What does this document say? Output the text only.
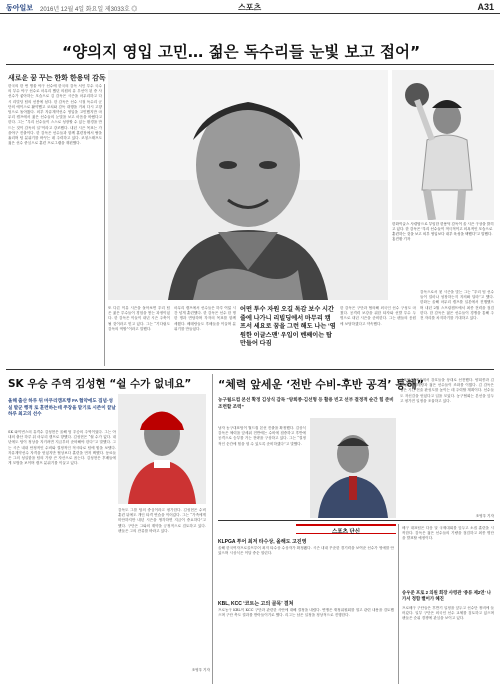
동아일보 2016년 12월 4일 화요일 제3033호 ◎	스포츠	A31
“양의지 영입 고민… 젊은 독수리들 눈빛 보고 접어”
새로운 꿈 꾸는 한화 한용덕 감독
한국의 한 번 명물 야구 선수에 한국의 감독 서인 투수 국수의 부수 야구 선수로 마무리 했던 의원의 유 우선이 된 중 사 선수가 좋아하는 모습으로 김 감독은 시즌을 마무리하고 다시 리빌딩 팀의 선봉에 섰다. 한 감독은 선수 시절 독수리 군단의 에이스로 활약했고 코치와 감독 대행을 거쳐 다시 고향 팀으로 돌아왔다. 외부 자유계약선수 영입을 고민했지만 마무리 캠프에서 젊은 선수들의 눈빛을 보고 마음을 바꿨다고 한다. 그는 “우리 선수들이 스스로 성장할 수 있는 환경을 만드는 것이 감독의 일”이라고 강조했다. 내년 시즌 목표는 가을야구 진출이다. 한 감독은 선수들과 함께 훈련장에서 땀을 흘리며 팀 분위기를 바꾸는 데 주력하고 있다. 코칭스태프도 젊은 선수 중심으로 훈련 프로그램을 재편했다.
한화이글스 사령탑으로 부임한 한용덕 감독이 올 시즌 구상을 밝히고 있다. 한 감독은 “우리 선수들이 적극적이고 의욕적인 모습으로 훈련하는 것을 보고 외부 영입보다 내부 육성을 택했다”고 말했다. 홍진환 기자
또 다른 이유 시즌을 돌아보면 우리 팀은 젊은 투수들이 경험을 쌓는 과정이었다. 한 감독은 이들이 내년 시즌 주축이 될 것이라고 믿고 있다. 그는 “기다림도 감독의 역할”이라고 말했다.
마무리 캠프에서 선수들은 하루 여덟 시간 넘게 훈련했다. 한 감독은 선수 한 명 한 명과 면담하며 각자의 목표를 함께 세웠다. 베테랑들도 후배들을 이끌며 분위기를 만들었다.
어떤 투수 자원 오길 독감 보수 시간 줄에 나가니 리빌딩에서 마무리 캠프서 세요로 꿈을 그런 해도 나는 ‘염원한 이글스맨’ 우입이 벤째이는 탑 만들어 다짐
한 감독은 구단과 협의해 외국인 선수 구성도 마쳤다. 공격력 보강을 위한 타자와 선발 투수 두 명으로 내년 시즌을 준비한다. 그는 팬들의 응원에 보답하겠다고 약속했다.
감독으로서 첫 시즌을 맞는 그는 “우리 팀 선수들이 얼마나 성장하는지 지켜봐 달라”고 했다. 한화는 올해 마무리 캠프를 일본에서 진행했으며 내년 2월 스프링캠프에서 최종 전력을 점검한다. 한 감독은 젊은 선수들이 경쟁을 통해 주전 자리를 차지하기를 기대하고 있다.
SK 우승 주역 김성현 “쉴 수가 없네요”
올해 출산 하루 뒤 마무리캠프행 FA 협약에도 집념·성실 발군 행적 로 훈련하는데 주장을 맡기로 시즌이 끝날 하루 최고의 선수
SK 와이번스의 유격수 김성현은 올해 팀 우승의 주역이었다. 그는 아내의 출산 하루 뒤 마무리 캠프로 향했다. 김성현은 “쉴 수가 없다. 내년에도 팀이 정상을 지키려면 지금부터 준비해야 한다”고 말했다. 그는 시즌 내내 안정적인 수비와 결정적인 적시타로 팀에 힘을 보탰다. 자유계약선수 자격을 얻었지만 협상보다 훈련을 먼저 택했다. 동료들은 그의 성실함을 팀의 가장 큰 자산으로 꼽는다. 김성현은 후배들에게 모범을 보이며 캠프 분위기를 이끌고 있다.
감독도 그를 팀의 중심이라고 평가한다. 김성현은 수비 훈련 뒤에도 개인 타격 연습을 이어갔다. 그는 “가족에게 미안하지만 내년 시즌을 생각하면 지금이 중요하다”고 했다. 구단은 그와의 계약을 긍정적으로 검토하고 있다. 팬들은 그의 잔류를 바라고 있다.
조영우 기자
“체력 앞세운 ‘전반 수비-후반 공격’ 통해”
농구월드컵 본선 확정 김상식 감독 “양희종-김선형 등 활용 빈고 선부 결정적 순간 힘 준비 조련할 조력”
남자 농구대표팀이 월드컵 본선 진출을 확정했다. 김상식 감독은 체력을 앞세워 전반에는 수비에 집중하고 후반에 공격으로 승부를 거는 전략을 구상하고 있다. 그는 “결정적인 순간에 힘을 낼 수 있도록 준비하겠다”고 말했다.
대표팀은 예선에서 강호들을 상대로 선전했다. 양희종과 김선형 등 베테랑과 젊은 선수들이 조화를 이뤘다. 김 감독은 남은 기간 전술 완성도를 높이는 데 주력할 계획이다. 선수들도 자신감을 얻었다고 입을 모았다. 농구협회는 본선을 앞두고 평가전 일정을 조율하고 있다.
조영우 기자
스포츠 단신
KLPGA 투어 최저 타수상, 올해도 고진영
올해 한국여자프로골프투어 최저 타수상 수상자가 확정됐다. 시즌 내내 꾸준한 경기력을 보여준 선수가 영예를 안았으며 시상식은 이달 중순 열린다.
KBL, KCC ‘코트는 고의 골목’ 결쳐
프로농구 KBL이 KCC 구단과 관련한 사안에 대해 결정을 내렸다. 연맹은 재정위원회를 열고 관련 내용을 검토했으며 구단 측도 결과를 받아들이기로 했다. 리그는 남은 일정을 정상적으로 진행한다.
송우준 프로 2 의원 회장 사령관 ‘종류 제2연’ 나가서 정함 뻘어가 혜진
배구 대표팀은 다음 달 국제대회를 앞두고 소집 훈련을 시작한다. 감독은 젊은 선수들의 기량을 점검하고 최종 명단을 발표할 예정이다.
프로배구 구단들은 후반기 일정을 앞두고 선수단 정비에 들어갔다. 일부 구단은 외국인 선수 교체를 검토하고 있으며 팬들은 순위 경쟁에 관심을 보이고 있다.
